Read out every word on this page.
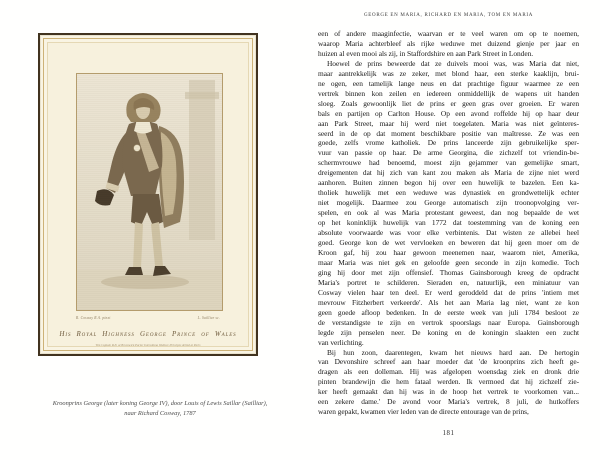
R. Cosway R.A. pinxt	L. Sailliar sc.
His Royal Highness George Prince of Wales
Wm Captain R.N. at Brunswick Partur Interallana Wallace Principes delind at Paris
Kroonprins George (later koning George IV), door Louis of Lewis Saillar (Sailliar),
naar Richard Cosway, 1787
GEORGE EN MARIA, RICHARD EN MARIA, TOM EN MARIA
een of andere maaginfectie, waarvan er te veel waren om op te noemen,
waarop Maria achterbleef als rijke weduwe met duizend gienje per jaar en
huizen al even mooi als zij, in Staffordshire en aan Park Street in Londen.
Hoewel de prins beweerde dat ze duivels mooi was, was Maria dat niet,
maar aantrekkelijk was ze zeker, met blond haar, een sterke kaaklijn, brui-
ne ogen, een tamelijk lange neus en dat prachtige figuur waarmee ze een
vertrek binnen kon zeilen en iedereen onmiddellijk de wapens uit handen
sloeg. Zoals gewoonlijk liet de prins er geen gras over groeien. Er waren
bals en partijen op Carlton House. Op een avond roffelde hij op haar deur
aan Park Street, maar hij werd niet toegelaten. Maria was niet geïnteres-
seerd in de op dat moment beschikbare positie van maîtresse. Ze was een
goede, zelfs vrome katholiek. De prins lanceerde zijn gebruikelijke sper-
vuur van passie op haar. De arme Georgina, die zichzelf tot vriendin-be-
schermvrouwe had benoemd, moest zijn gejammer van gemelijke smart,
dreigementen dat hij zich van kant zou maken als Maria de zijne niet werd
aanhoren. Buiten zinnen begon hij over een huwelijk te bazelen. Een ka-
tholiek huwelijk met een weduwe was dynastiek en grondwettelijk echter
niet mogelijk. Daarmee zou George automatisch zijn troonopvolging ver-
spelen, en ook al was Maria protestant geweest, dan nog bepaalde de wet
op het koninklijk huwelijk van 1772 dat toestemming van de koning een
absolute voorwaarde was voor elke verbintenis. Dat wisten ze allebei heel
goed. George kon de wet vervloeken en beweren dat hij geen moer om de
Kroon gaf, hij zou haar gewoon meenemen naar, waarom niet, Amerika,
maar Maria was niet gek en geloofde geen seconde in zijn komedie. Toch
ging hij door met zijn offensief. Thomas Gainsborough kreeg de opdracht
Maria's portret te schilderen. Sieraden en, natuurlijk, een miniatuur van
Cosway vielen haar ten deel. Er werd geroddeld dat de prins 'intiem met
mevrouw Fitzherbert verkeerde'. Als het aan Maria lag niet, want ze kon
geen goede afloop bedenken. In de eerste week van juli 1784 besloot ze
de verstandigste te zijn en vertrok spoorslags naar Europa. Gainsborough
legde zijn penselen neer. De koning en de koningin slaakten een zucht
van verlichting.
Bij hun zoon, daarentegen, kwam het nieuws hard aan. De hertogin
van Devonshire schreef aan haar moeder dat 'de kroonprins zich heeft ge-
dragen als een dolleman. Hij was afgelopen woensdag ziek en dronk drie
pinten brandewijn die hem fataal werden. Ik vermoed dat hij zichzelf zie-
ker heeft gemaakt dan hij was in de hoop het vertrek te voorkomen van...
een zekere dame.' De avond voor Maria's vertrek, 8 juli, de hutkoffers
waren gepakt, kwamen vier leden van de directe entourage van de prins,
181
